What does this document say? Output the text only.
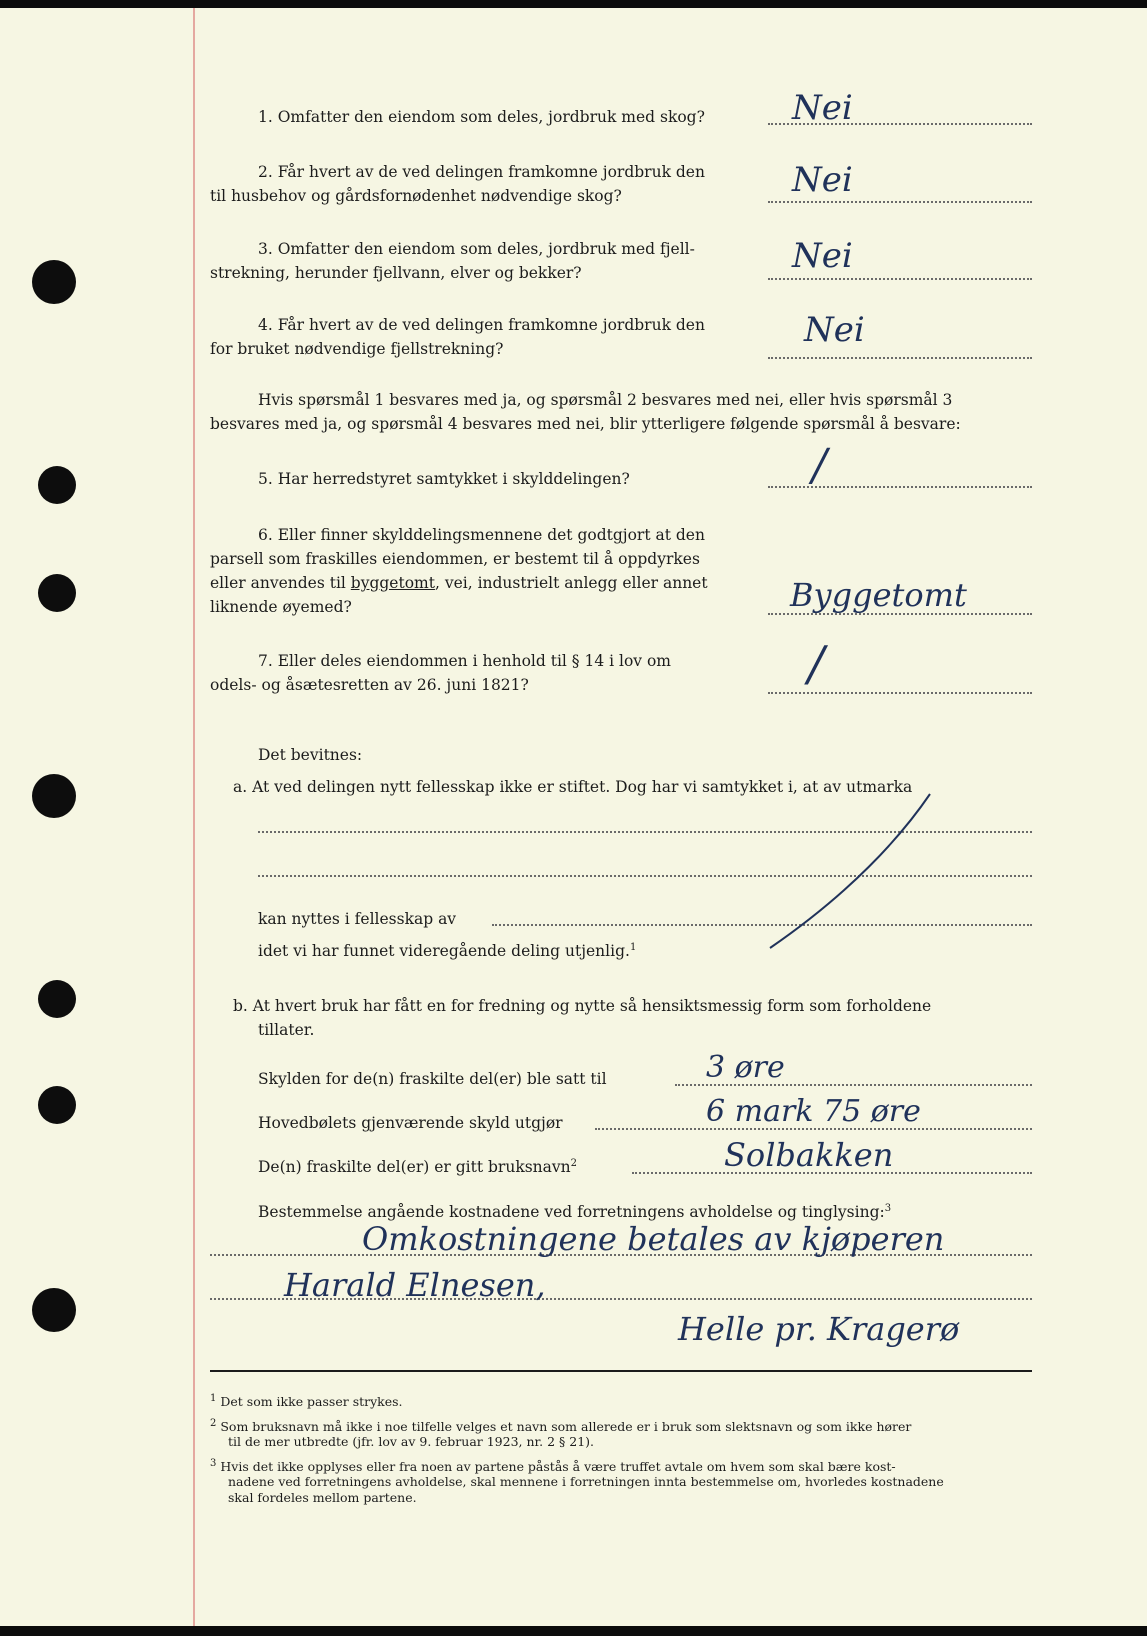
1. Omfatter den eiendom som deles, jordbruk med skog?	Nei
2. Får hvert av de ved delingen framkomne jordbruk den
til husbehov og gårdsfornødenhet nødvendige skog?	Nei
3. Omfatter den eiendom som deles, jordbruk med fjell-
strekning, herunder fjellvann, elver og bekker?	Nei
4. Får hvert av de ved delingen framkomne jordbruk den
for bruket nødvendige fjellstrekning?	Nei
Hvis spørsmål 1 besvares med ja, og spørsmål 2 besvares med nei, eller hvis spørsmål 3
besvares med ja, og spørsmål 4 besvares med nei, blir ytterligere følgende spørsmål å besvare:
5. Har herredstyret samtykket i skylddelingen?	/
6. Eller finner skylddelingsmennene det godtgjort at den
parsell som fraskilles eiendommen, er bestemt til å oppdyrkes
eller anvendes til byggetomt, vei, industrielt anlegg eller annet
liknende øyemed?	Byggetomt
7. Eller deles eiendommen i henhold til § 14 i lov om
odels- og åsætesretten av 26. juni 1821?	/
Det bevitnes:
a. At ved delingen nytt fellesskap ikke er stiftet. Dog har vi samtykket i, at av utmarka
kan nyttes i fellesskap av
idet vi har funnet videregående deling utjenlig.$^1$
b. At hvert bruk har fått en for fredning og nytte så hensiktsmessig form som forholdene
tillater.
Skylden for de(n) fraskilte del(er) ble satt til	3 øre
Hovedbølets gjenværende skyld utgjør	6 mark 75 øre
De(n) fraskilte del(er) er gitt bruksnavn$^2$	Solbakken
Bestemmelse angående kostnadene ved forretningens avholdelse og tinglysing:$^3$
Omkostningene betales av kjøperen
Harald Elnesen,
Helle pr. Kragerø
$^1$ Det som ikke passer strykes.
$^2$ Som bruksnavn må ikke i noe tilfelle velges et navn som allerede er i bruk som slektsnavn og som ikke hører
til de mer utbredte (jfr. lov av 9. februar 1923, nr. 2 § 21).
$^3$ Hvis det ikke opplyses eller fra noen av partene påstås å være truffet avtale om hvem som skal bære kost-
nadene ved forretningens avholdelse, skal mennene i forretningen innta bestemmelse om, hvorledes kostnadene
skal fordeles mellom partene.
